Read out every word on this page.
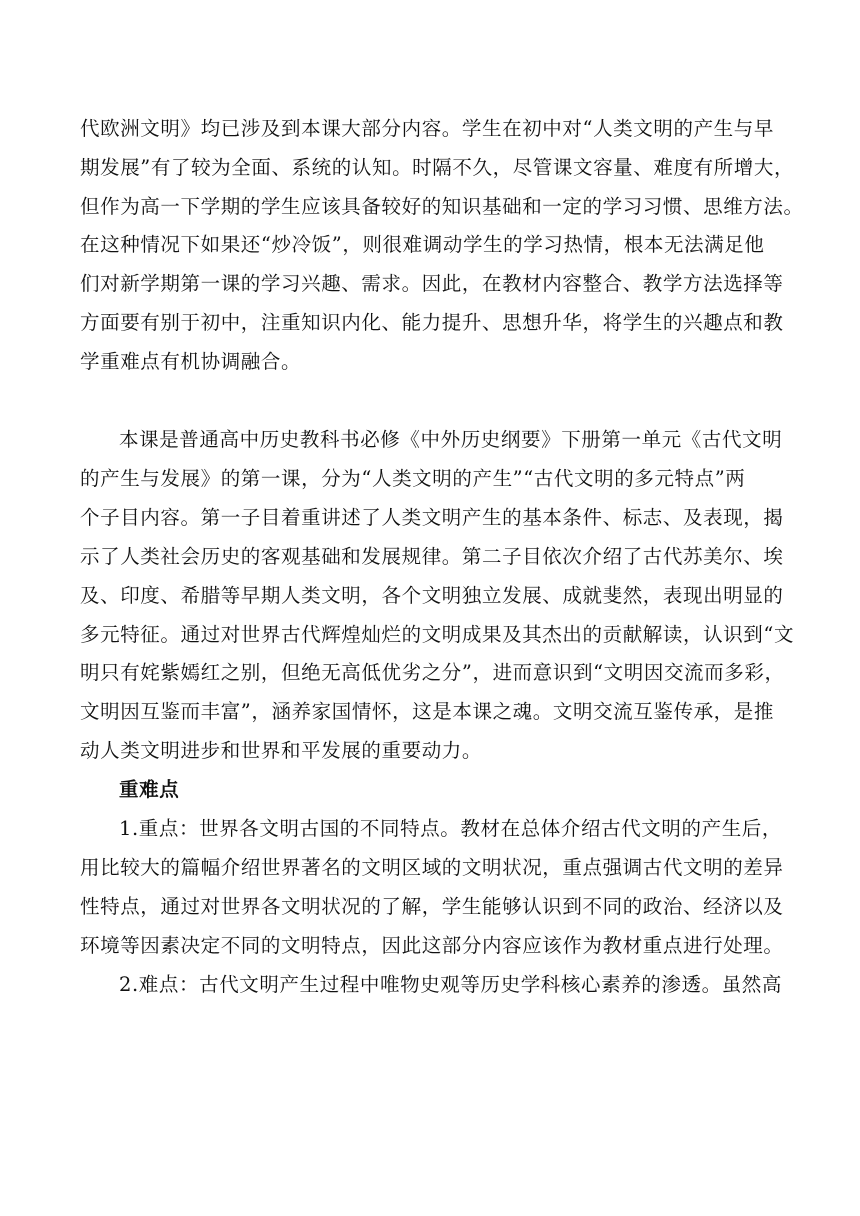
代欧洲文明》均已涉及到本课大部分内容。学生在初中对“人类文明的产生与早
期发展”有了较为全面、系统的认知。时隔不久，尽管课文容量、难度有所增大，
但作为高一下学期的学生应该具备较好的知识基础和一定的学习习惯、思维方法。
在这种情况下如果还“炒冷饭”，则很难调动学生的学习热情，根本无法满足他
们对新学期第一课的学习兴趣、需求。因此，在教材内容整合、教学方法选择等
方面要有别于初中，注重知识内化、能力提升、思想升华，将学生的兴趣点和教
学重难点有机协调融合。
本课是普通高中历史教科书必修《中外历史纲要》下册第一单元《古代文明
的产生与发展》的第一课，分为“人类文明的产生”“古代文明的多元特点”两
个子目内容。第一子目着重讲述了人类文明产生的基本条件、标志、及表现，揭
示了人类社会历史的客观基础和发展规律。第二子目依次介绍了古代苏美尔、埃
及、印度、希腊等早期人类文明，各个文明独立发展、成就斐然，表现出明显的
多元特征。通过对世界古代辉煌灿烂的文明成果及其杰出的贡献解读，认识到“文
明只有姹紫嫣红之别，但绝无高低优劣之分”，进而意识到“文明因交流而多彩，
文明因互鉴而丰富”，涵养家国情怀，这是本课之魂。文明交流互鉴传承，是推
动人类文明进步和世界和平发展的重要动力。
重难点
1.重点：世界各文明古国的不同特点。教材在总体介绍古代文明的产生后，
用比较大的篇幅介绍世界著名的文明区域的文明状况，重点强调古代文明的差异
性特点，通过对世界各文明状况的了解，学生能够认识到不同的政治、经济以及
环境等因素决定不同的文明特点，因此这部分内容应该作为教材重点进行处理。
2.难点：古代文明产生过程中唯物史观等历史学科核心素养的渗透。虽然高
